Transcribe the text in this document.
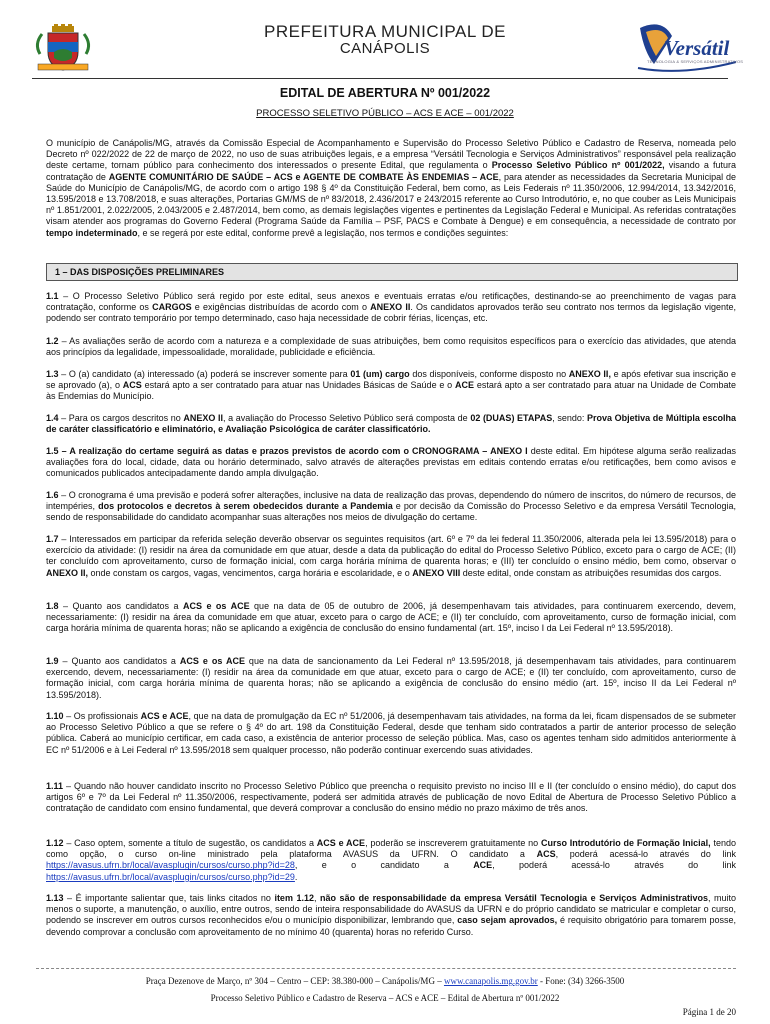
PREFEITURA MUNICIPAL DE
CANÁPOLIS	Versátil
TECNOLOGIA & SERVIÇOS ADMINISTRATIVOS
EDITAL DE ABERTURA Nº 001/2022
PROCESSO SELETIVO PÚBLICO – ACS E ACE – 001/2022
O município de Canápolis/MG, através da Comissão Especial de Acompanhamento e Supervisão do Processo Seletivo Público e Cadastro de Reserva, nomeada pelo Decreto nº 022/2022 de 22 de março de 2022, no uso de suas atribuições legais, e a empresa “Versátil Tecnologia e Serviços Administrativos” responsável pela realização deste certame, tornam público para conhecimento dos interessados o presente Edital, que regulamenta o Processo Seletivo Público nº 001/2022, visando a futura contratação de AGENTE COMUNITÁRIO DE SAÚDE – ACS e AGENTE DE COMBATE ÀS ENDEMIAS – ACE, para atender as necessidades da Secretaria Municipal de Saúde do Município de Canápolis/MG, de acordo com o artigo 198 § 4º da Constituição Federal, bem como, as Leis Federais nº 11.350/2006, 12.994/2014, 13.342/2016, 13.595/2018 e 13.708/2018, e suas alterações, Portarias GM/MS de nº 83/2018, 2.436/2017 e 243/2015 referente ao Curso Introdutório, e, no que couber as Leis Municipais nº 1.851/2001, 2.022/2005, 2.043/2005 e 2.487/2014, bem como, as demais legislações vigentes e pertinentes da Legislação Federal e Municipal. As referidas contratações visam atender aos programas do Governo Federal (Programa Saúde da Família – PSF, PACS e Combate à Dengue) e em consequência, a necessidade de contrato por tempo indeterminado, e se regerá por este edital, conforme prevê a legislação, nos termos e condições seguintes:
1 – DAS DISPOSIÇÕES PRELIMINARES
1.1 – O Processo Seletivo Público será regido por este edital, seus anexos e eventuais erratas e/ou retificações, destinando-se ao preenchimento de vagas para contratação, conforme os CARGOS e exigências distribuídas de acordo com o ANEXO II. Os candidatos aprovados terão seu contrato nos termos da legislação vigente, podendo ser contrato temporário por tempo determinado, caso haja necessidade de cobrir férias, licenças, etc.
1.2 – As avaliações serão de acordo com a natureza e a complexidade de suas atribuições, bem como requisitos específicos para o exercício das atividades, que atenda aos princípios da legalidade, impessoalidade, moralidade, publicidade e eficiência.
1.3 – O (a) candidato (a) interessado (a) poderá se inscrever somente para 01 (um) cargo dos disponíveis, conforme disposto no ANEXO II, e após efetivar sua inscrição e se aprovado (a), o ACS estará apto a ser contratado para atuar nas Unidades Básicas de Saúde e o ACE estará apto a ser contratado para atuar na Unidade de Combate às Endemias do Município.
1.4 – Para os cargos descritos no ANEXO II, a avaliação do Processo Seletivo Público será composta de 02 (DUAS) ETAPAS, sendo: Prova Objetiva de Múltipla escolha de caráter classificatório e eliminatório, e Avaliação Psicológica de caráter classificatório.
1.5 – A realização do certame seguirá as datas e prazos previstos de acordo com o CRONOGRAMA – ANEXO I deste edital. Em hipótese alguma serão realizadas avaliações fora do local, cidade, data ou horário determinado, salvo através de alterações previstas em editais contendo erratas e/ou retificações, bem como avisos e comunicados publicados antecipadamente dando ampla divulgação.
1.6 – O cronograma é uma previsão e poderá sofrer alterações, inclusive na data de realização das provas, dependendo do número de inscritos, do número de recursos, de intempéries, dos protocolos e decretos à serem obedecidos durante a Pandemia e por decisão da Comissão do Processo Seletivo e da empresa Versátil Tecnologia, sendo de responsabilidade do candidato acompanhar suas alterações nos meios de divulgação do certame.
1.7 – Interessados em participar da referida seleção deverão observar os seguintes requisitos (art. 6º e 7º da lei federal 11.350/2006, alterada pela lei 13.595/2018) para o exercício da atividade: (I) residir na área da comunidade em que atuar, desde a data da publicação do edital do Processo Seletivo Público, exceto para o cargo de ACE; (II) ter concluído com aproveitamento, curso de formação inicial, com carga horária mínima de quarenta horas; e (III) ter concluído o ensino médio, bem como, observar o ANEXO II, onde constam os cargos, vagas, vencimentos, carga horária e escolaridade, e o ANEXO VIII deste edital, onde constam as atribuições resumidas dos cargos.
1.8 – Quanto aos candidatos a ACS e os ACE que na data de 05 de outubro de 2006, já desempenhavam tais atividades, para continuarem exercendo, devem, necessariamente: (I) residir na área da comunidade em que atuar, exceto para o cargo de ACE; e (II) ter concluído, com aproveitamento, curso de formação inicial, com carga horária mínima de quarenta horas; não se aplicando a exigência de conclusão do ensino fundamental (art. 15º, inciso I da Lei Federal nº 13.595/2018).
1.9 – Quanto aos candidatos a ACS e os ACE que na data de sancionamento da Lei Federal nº 13.595/2018, já desempenhavam tais atividades, para continuarem exercendo, devem, necessariamente: (I) residir na área da comunidade em que atuar, exceto para o cargo de ACE; e (II) ter concluído, com aproveitamento, curso de formação inicial, com carga horária mínima de quarenta horas; não se aplicando a exigência de conclusão do ensino médio (art. 15º, inciso II da Lei Federal nº 13.595/2018).
1.10 – Os profissionais ACS e ACE, que na data de promulgação da EC nº 51/2006, já desempenhavam tais atividades, na forma da lei, ficam dispensados de se submeter ao Processo Seletivo Público a que se refere o § 4º do art. 198 da Constituição Federal, desde que tenham sido contratados a partir de anterior processo de seleção pública. Caberá ao município certificar, em cada caso, a existência de anterior processo de seleção pública. Mas, caso os agentes tenham sido admitidos anteriormente à EC nº 51/2006 e à Lei Federal nº 13.595/2018 sem qualquer processo, não poderão continuar exercendo suas atividades.
1.11 – Quando não houver candidato inscrito no Processo Seletivo Público que preencha o requisito previsto no inciso III e II (ter concluído o ensino médio), do caput dos artigos 6º e 7º da Lei Federal nº 11.350/2006, respectivamente, poderá ser admitida através de publicação de novo Edital de Abertura de Processo Seletivo Público a contratação de candidato com ensino fundamental, que deverá comprovar a conclusão do ensino médio no prazo máximo de três anos.
1.12 – Caso optem, somente a título de sugestão, os candidatos a ACS e ACE, poderão se inscreverem gratuitamente no Curso Introdutório de Formação Inicial, tendo como opção, o curso on-line ministrado pela plataforma AVASUS da UFRN. O candidato a ACS, poderá acessá-lo através do link https://avasus.ufrn.br/local/avasplugin/cursos/curso.php?id=28, e o candidato a ACE, poderá acessá-lo através do link https://avasus.ufrn.br/local/avasplugin/cursos/curso.php?id=29.
1.13 – É importante salientar que, tais links citados no item 1.12, não são de responsabilidade da empresa Versátil Tecnologia e Serviços Administrativos, muito menos o suporte, a manutenção, o auxílio, entre outros, sendo de inteira responsabilidade do AVASUS da UFRN e do próprio candidato se matricular e completar o curso, podendo se inscrever em outros cursos reconhecidos e/ou o município disponibilizar, lembrando que, caso sejam aprovados, é requisito obrigatório para tomarem posse, devendo comprovar a conclusão com aproveitamento de no mínimo 40 (quarenta) horas no referido Curso.
Praça Dezenove de Março, nº 304 – Centro – CEP: 38.380-000 – Canápolis/MG – www.canapolis.mg.gov.br - Fone: (34) 3266-3500
Processo Seletivo Público e Cadastro de Reserva – ACS e ACE – Edital de Abertura nº 001/2022
Página 1 de 20
